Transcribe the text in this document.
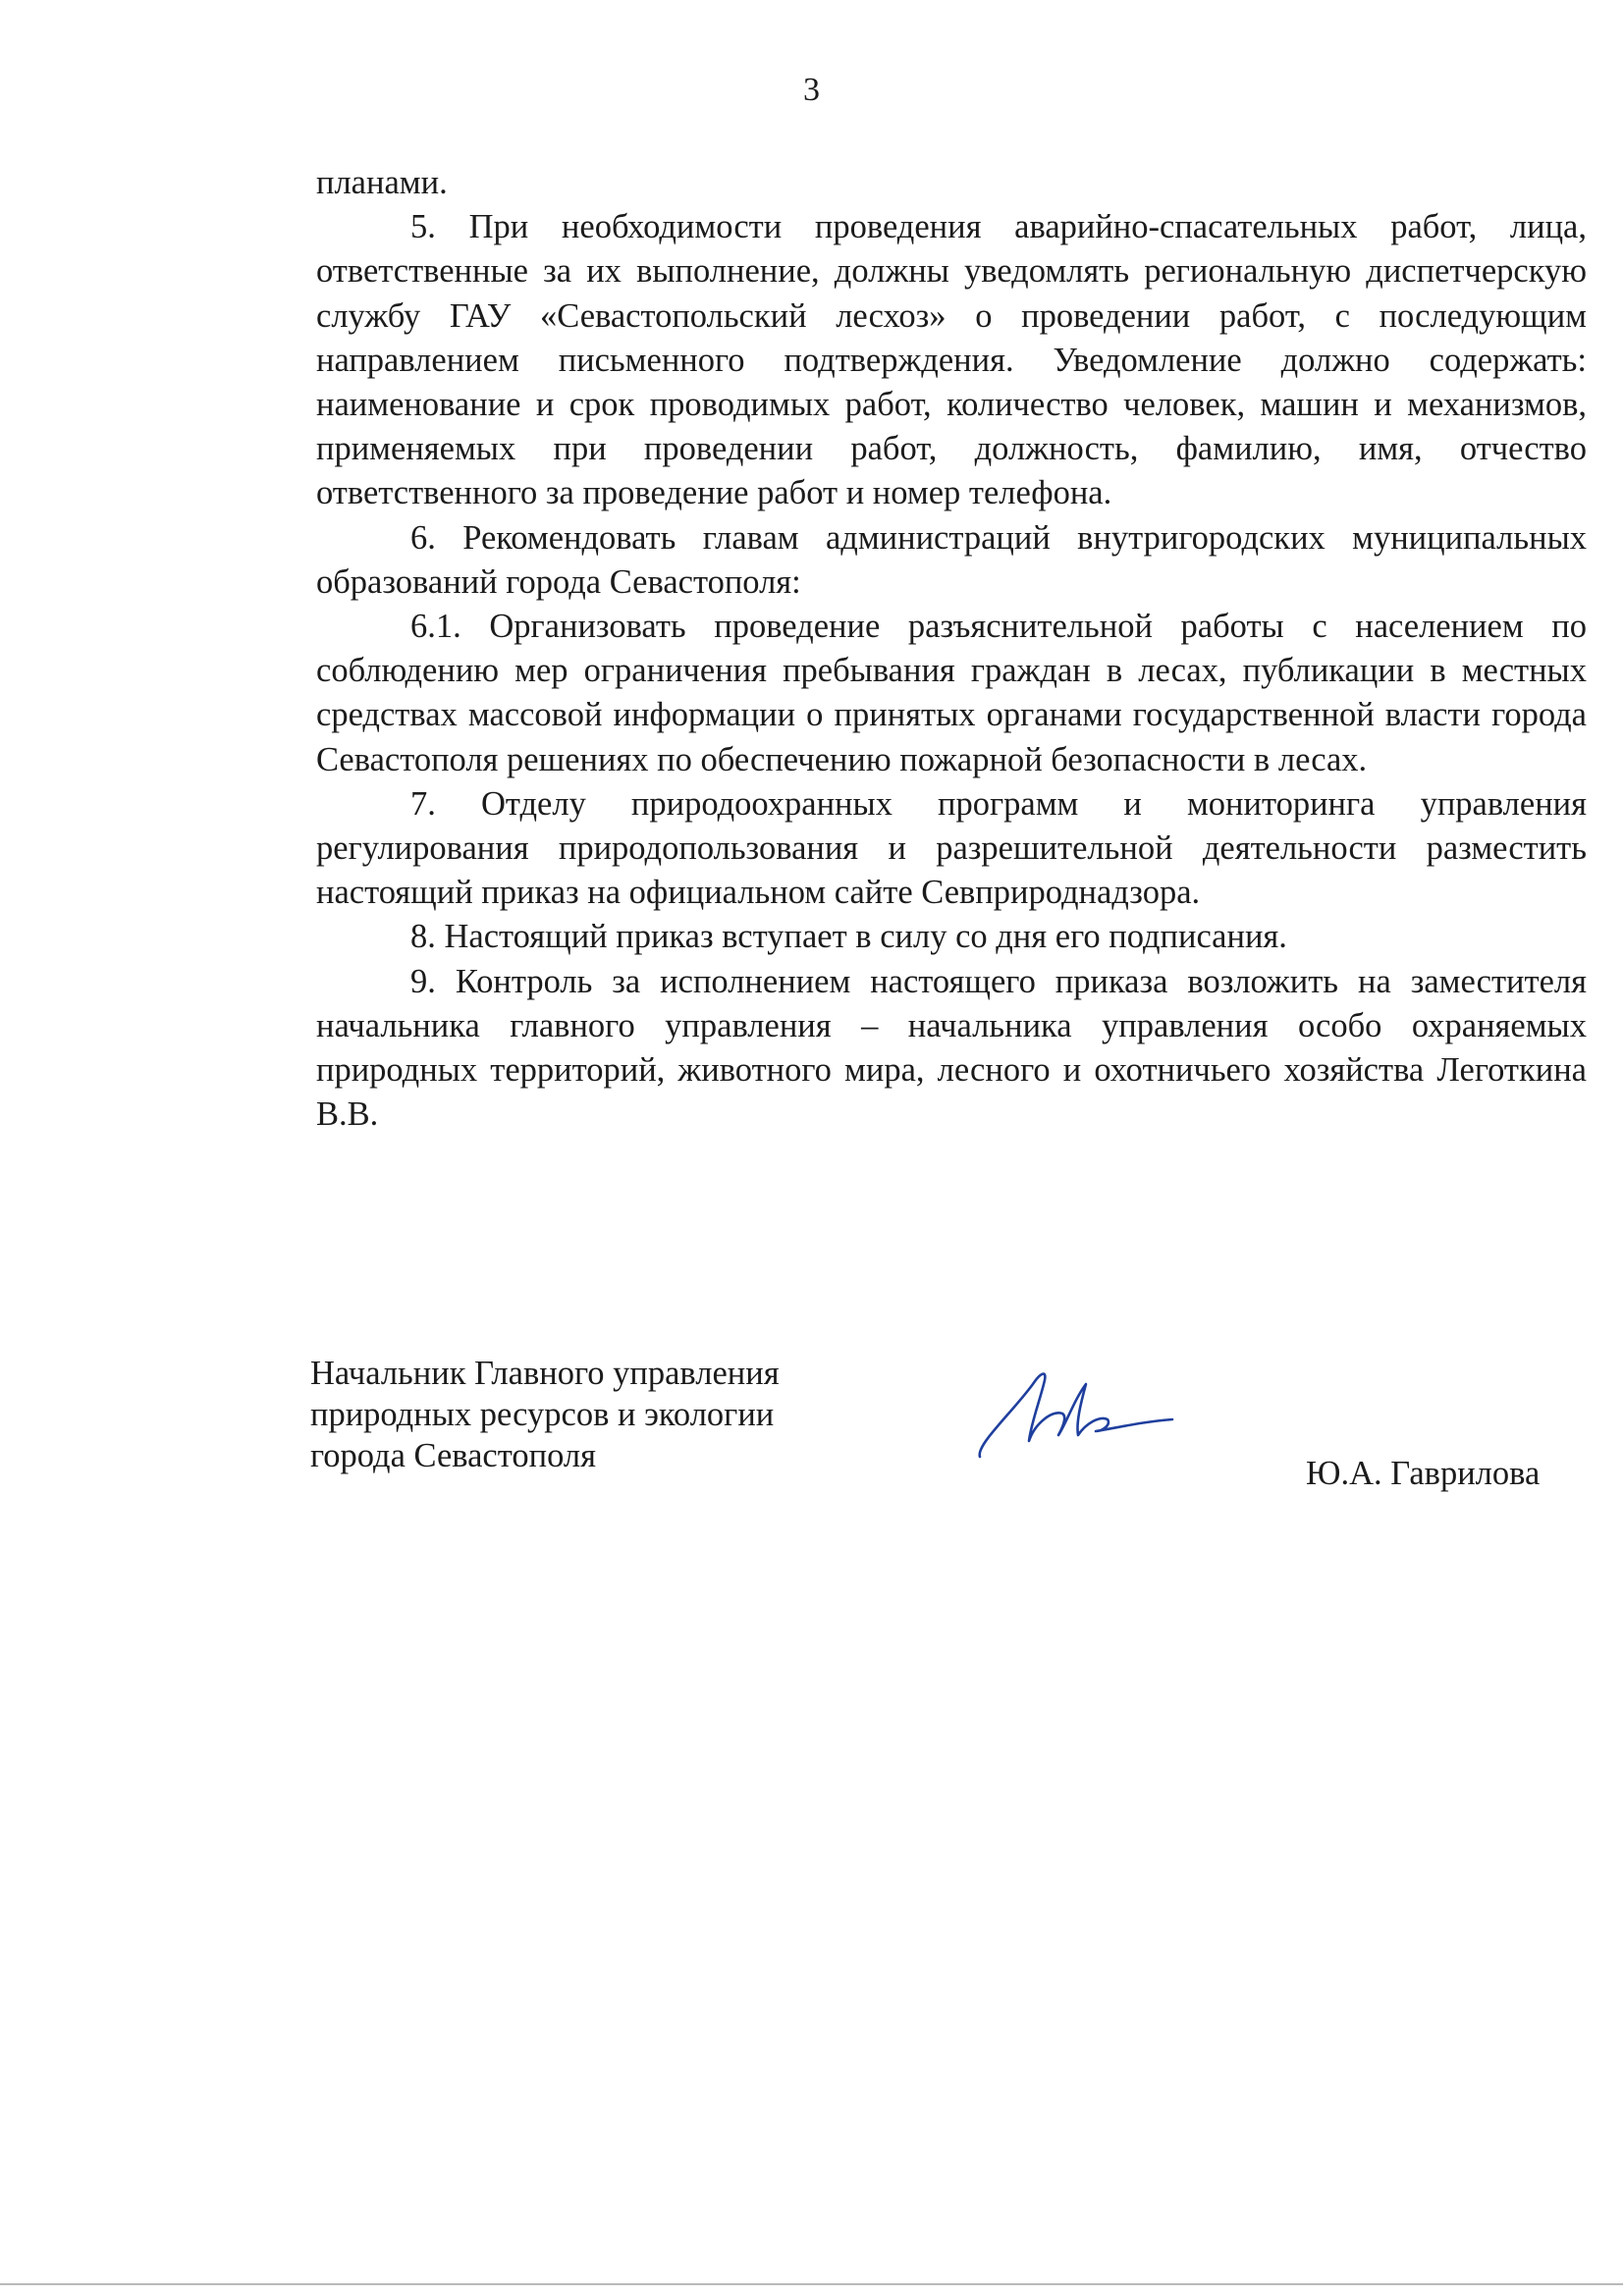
3

планами.

5. При необходимости проведения аварийно-спасательных работ, лица, ответственные за их выполнение, должны уведомлять региональную диспетчерскую службу ГАУ «Севастопольский лесхоз» о проведении работ, с последующим направлением письменного подтверждения. Уведомление должно содержать: наименование и срок проводимых работ, количество человек, машин и механизмов, применяемых при проведении работ, должность, фамилию, имя, отчество ответственного за проведение работ и номер телефона.

6. Рекомендовать главам администраций внутригородских муниципальных образований города Севастополя:

6.1. Организовать проведение разъяснительной работы с населением по соблюдению мер ограничения пребывания граждан в лесах, публикации в местных средствах массовой информации о принятых органами государственной власти города Севастополя решениях по обеспечению пожарной безопасности в лесах.

7. Отделу природоохранных программ и мониторинга управления регулирования природопользования и разрешительной деятельности разместить настоящий приказ на официальном сайте Севприроднадзора.

8. Настоящий приказ вступает в силу со дня его подписания.

9. Контроль за исполнением настоящего приказа возложить на заместителя начальника главного управления – начальника управления особо охраняемых природных территорий, животного мира, лесного и охотничьего хозяйства Леготкина В.В.

Начальник Главного управления
природных ресурсов и экологии
города Севастополя	Ю.А. Гаврилова
